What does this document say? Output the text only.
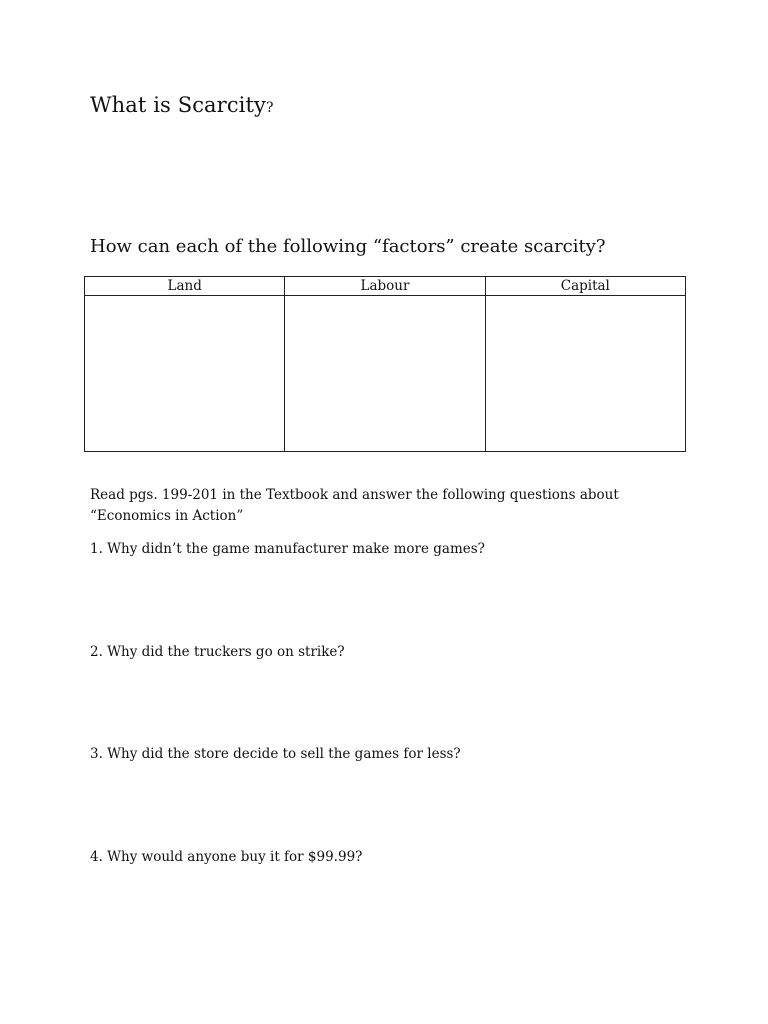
What is Scarcity?
How can each of the following “factors” create scarcity?
Land	Labour	Capital

Read pgs. 199-201 in the Textbook and answer the following questions about
“Economics in Action”
1. Why didn’t the game manufacturer make more games?
2. Why did the truckers go on strike?
3. Why did the store decide to sell the games for less?
4. Why would anyone buy it for $99.99?
